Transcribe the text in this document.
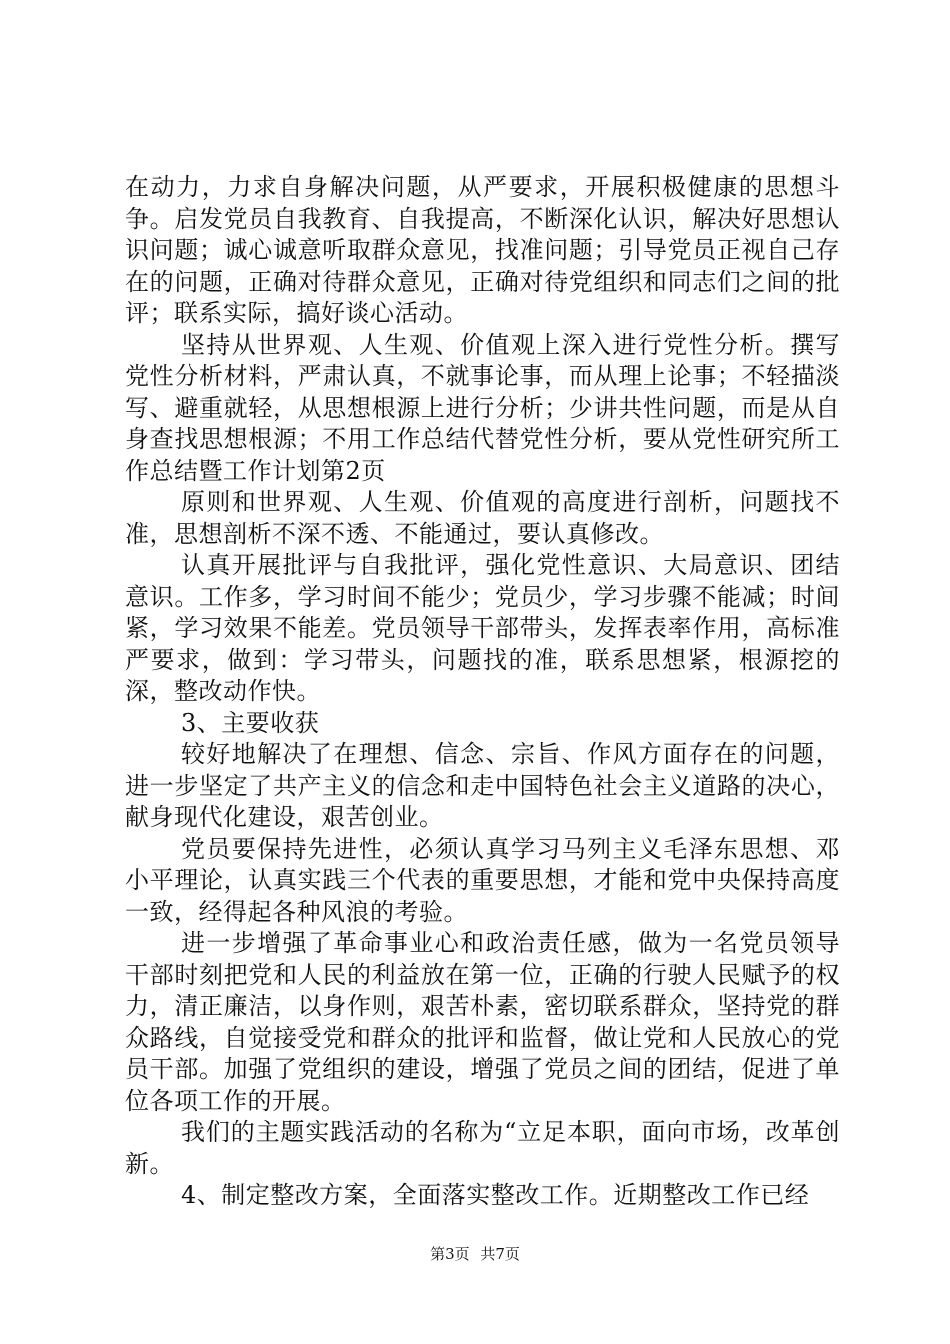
在动力，力求自身解决问题，从严要求，开展积极健康的思想斗争。启发党员自我教育、自我提高，不断深化认识，解决好思想认识问题；诚心诚意听取群众意见，找准问题；引导党员正视自己存在的问题，正确对待群众意见，正确对待党组织和同志们之间的批评；联系实际，搞好谈心活动。

坚持从世界观、人生观、价值观上深入进行党性分析。撰写党性分析材料，严肃认真，不就事论事，而从理上论事；不轻描淡写、避重就轻，从思想根源上进行分析；少讲共性问题，而是从自身查找思想根源；不用工作总结代替党性分析，要从党性研究所工作总结暨工作计划第2页

原则和世界观、人生观、价值观的高度进行剖析，问题找不准，思想剖析不深不透、不能通过，要认真修改。

认真开展批评与自我批评，强化党性意识、大局意识、团结意识。工作多，学习时间不能少；党员少，学习步骤不能减；时间紧，学习效果不能差。党员领导干部带头，发挥表率作用，高标准严要求，做到：学习带头，问题找的准，联系思想紧，根源挖的深，整改动作快。

3、主要收获

较好地解决了在理想、信念、宗旨、作风方面存在的问题，进一步坚定了共产主义的信念和走中国特色社会主义道路的决心，献身现代化建设，艰苦创业。

党员要保持先进性，必须认真学习马列主义毛泽东思想、邓小平理论，认真实践三个代表的重要思想，才能和党中央保持高度一致，经得起各种风浪的考验。

进一步增强了革命事业心和政治责任感，做为一名党员领导干部时刻把党和人民的利益放在第一位，正确的行驶人民赋予的权力，清正廉洁，以身作则，艰苦朴素，密切联系群众，坚持党的群众路线，自觉接受党和群众的批评和监督，做让党和人民放心的党员干部。加强了党组织的建设，增强了党员之间的团结，促进了单位各项工作的开展。

我们的主题实践活动的名称为“立足本职，面向市场，改革创新。

4、制定整改方案，全面落实整改工作。近期整改工作已经

第3页 共7页
